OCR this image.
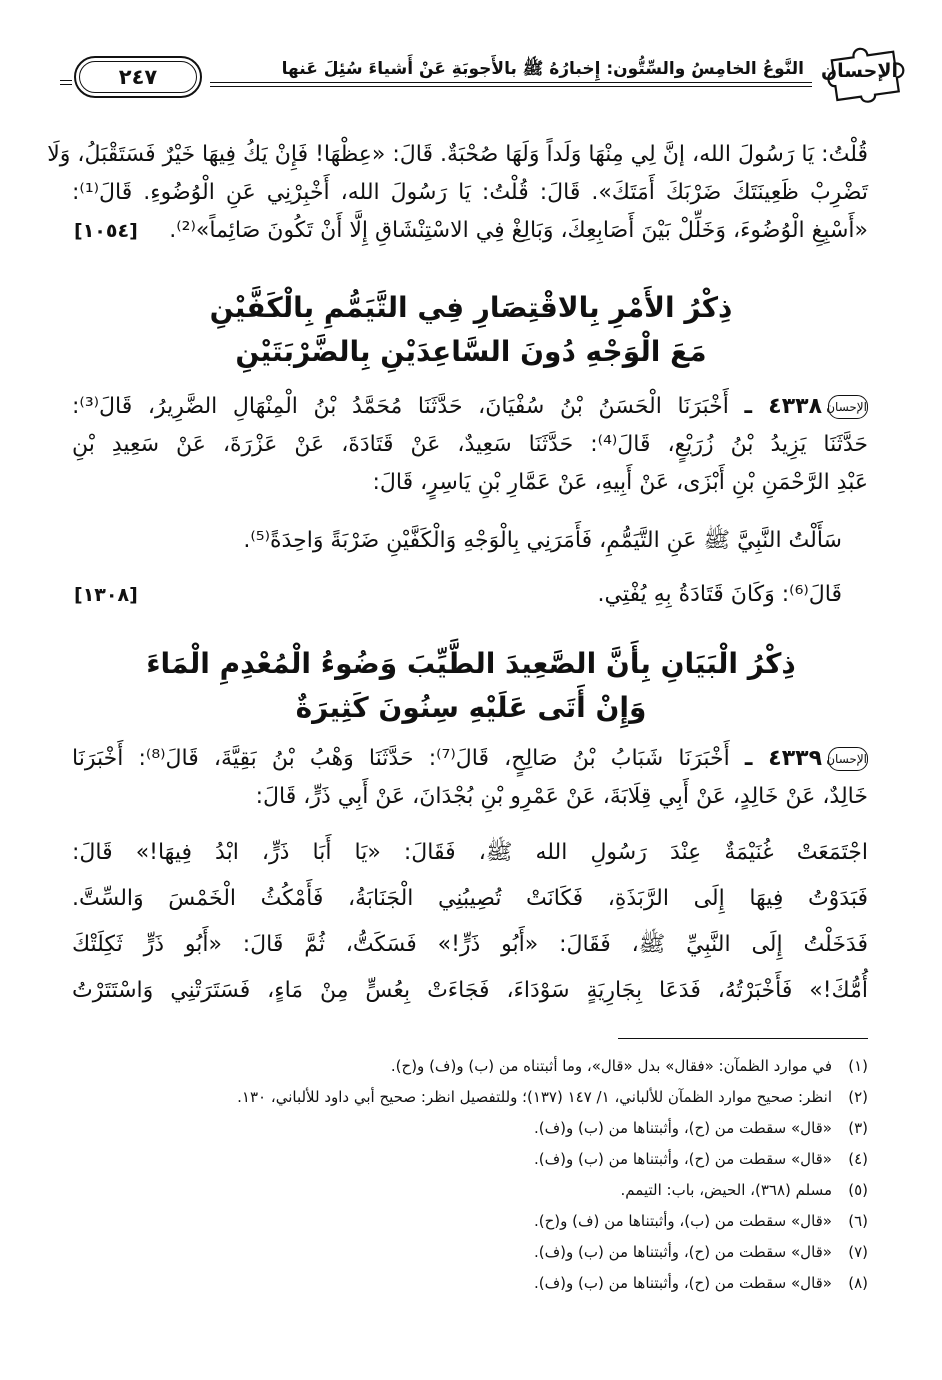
الإحسان
النَّوعُ الخامِسُ والسِّتُّون: إِخبارُهُ ﷺ بالأَجوبَةِ عَنْ أَشياءَ سُئِلَ عَنها
٢٤٧
قُلْتُ: يَا رَسُولَ الله، إنَّ لِي مِنْهَا وَلَداً وَلَهَا صُحْبَةٌ. قَالَ: «عِظْهَا! فَإِنْ يَكُ فِيهَا خَيْرٌ فَسَتَقْبَلُ، وَلَا
تَضْرِبْ ظَعِينَتَكَ ضَرْبَكَ أَمَتَكَ». قَالَ: قُلْتُ: يَا رَسُولَ الله، أَخْبِرْنِي عَنِ الْوُضُوءِ. قَالَ⁽¹⁾:
«أَسْبِغِ الْوُضُوءَ، وَخَلِّلْ بَيْنَ أَصَابِعِكَ، وَبَالِغْ فِي الاسْتِنْشَاقِ إِلَّا أَنْ تَكُونَ صَائِماً»⁽²⁾.
[١٠٥٤]
ذِكْرُ الأَمْرِ بِالاقْتِصَارِ فِي التَّيَمُّمِ بِالْكَفَّيْنِ
مَعَ الْوَجْهِ دُونَ السَّاعِدَيْنِ بِالضَّرْبَتَيْنِ
الإحسان٤٣٣٨ ـ أَخْبَرَنَا الْحَسَنُ بْنُ سُفْيَانَ، حَدَّثَنَا مُحَمَّدُ بْنُ الْمِنْهَالِ الضَّرِيرُ، قَالَ⁽³⁾:
حَدَّثَنَا يَزِيدُ بْنُ زُرَيْعٍ، قَالَ⁽⁴⁾: حَدَّثَنَا سَعِيدٌ، عَنْ قَتَادَةَ، عَنْ عَزْرَةَ، عَنْ سَعِيدِ بْنِ
عَبْدِ الرَّحْمَنِ بْنِ أَبْزَى، عَنْ أَبِيهِ، عَنْ عَمَّارِ بْنِ يَاسِرٍ، قَالَ:
سَأَلْتُ النَّبِيَّ ﷺ عَنِ التَّيَمُّمِ، فَأَمَرَنِي بِالْوَجْهِ وَالْكَفَّيْنِ ضَرْبَةً وَاحِدَةً⁽⁵⁾.
قَالَ⁽⁶⁾: وَكَانَ قَتَادَةُ بِهِ يُفْتِي.
[١٣٠٨]
ذِكْرُ الْبَيَانِ بِأَنَّ الصَّعِيدَ الطَّيِّبَ وَضُوءُ الْمُعْدِمِ الْمَاءَ
وَإِنْ أَتَى عَلَيْهِ سِنُونَ كَثِيرَةٌ
الإحسان٤٣٣٩ ـ أَخْبَرَنَا شَبَابُ بْنُ صَالِحٍ، قَالَ⁽⁷⁾: حَدَّثَنَا وَهْبُ بْنُ بَقِيَّةَ، قَالَ⁽⁸⁾: أَخْبَرَنَا
خَالِدٌ، عَنْ خَالِدٍ، عَنْ أَبِي قِلَابَةَ، عَنْ عَمْرِو بْنِ بُجْدَانَ، عَنْ أَبِي ذَرٍّ، قَالَ:
اجْتَمَعَتْ غُنَيْمَةٌ عِنْدَ رَسُولِ الله ﷺ، فَقَالَ: «يَا أَبَا ذَرٍّ، ابْدُ فِيهَا!» قَالَ:
فَبَدَوْتُ فِيهَا إِلَى الرَّبَذَةِ، فَكَانَتْ تُصِيبُنِي الْجَنَابَةُ، فَأَمْكُثُ الْخَمْسَ وَالسِّتَّ.
فَدَخَلْتُ إِلَى النَّبِيِّ ﷺ، فَقَالَ: «أَبُو ذَرٍّ!» فَسَكَتُّ، ثُمَّ قَالَ: «أَبُو ذَرٍّ ثَكِلَتْكَ
أُمُّكَ!» فَأَخْبَرْتُهُ، فَدَعَا بِجَارِيَةٍ سَوْدَاءَ، فَجَاءَتْ بِعُسٍّ مِنْ مَاءٍ، فَسَتَرَتْنِي وَاسْتَتَرْتُ
(١)في موارد الظمآن: «فقال» بدل «قال»، وما أثبتناه من (ب) و(ف) و(ح).
(٢)انظر: صحيح موارد الظمآن للألباني، ١/ ١٤٧ (١٣٧)؛ وللتفصيل انظر: صحيح أبي داود للألباني، ١٣٠.
(٣)«قال» سقطت من (ح)، وأثبتناها من (ب) و(ف).
(٤)«قال» سقطت من (ح)، وأثبتناها من (ب) و(ف).
(٥)مسلم (٣٦٨)، الحيض، باب: التيمم.
(٦)«قال» سقطت من (ب)، وأثبتناها من (ف) و(ح).
(٧)«قال» سقطت من (ح)، وأثبتناها من (ب) و(ف).
(٨)«قال» سقطت من (ح)، وأثبتناها من (ب) و(ف).
